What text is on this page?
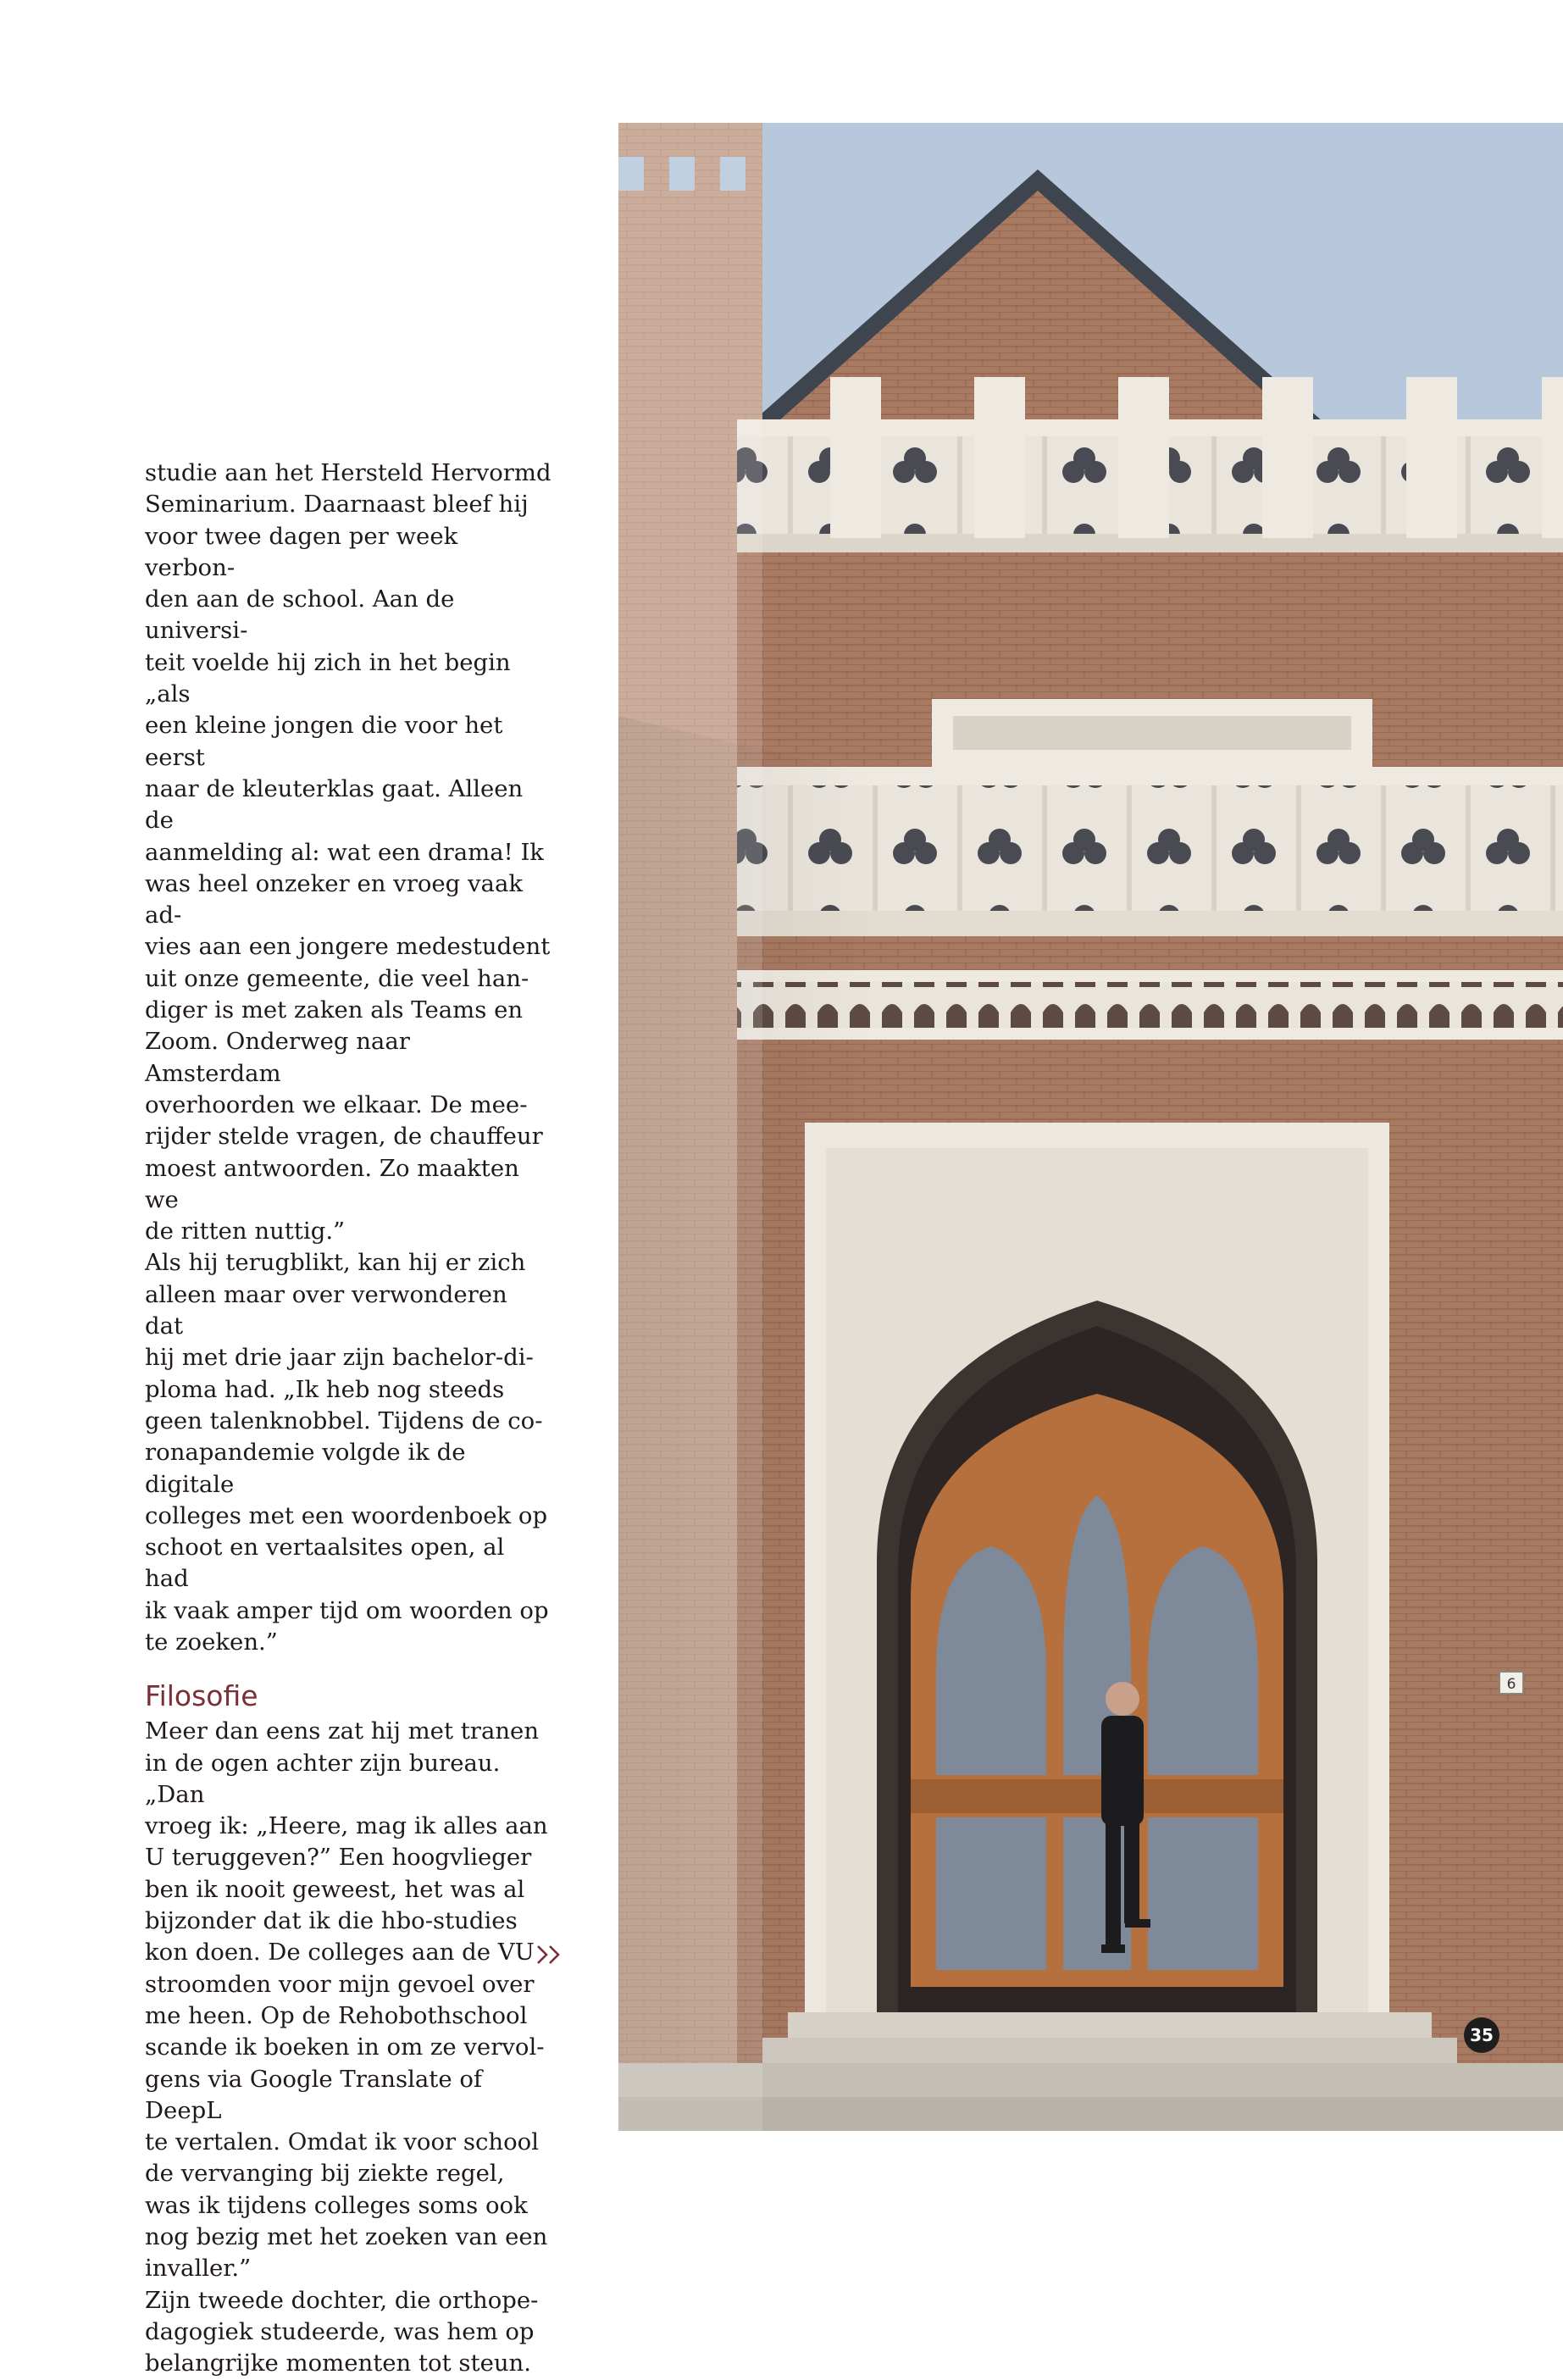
studie aan het Hersteld Hervormd
Seminarium. Daarnaast bleef hij
voor twee dagen per week verbon-
den aan de school. Aan de universi-
teit voelde hij zich in het begin „als
een kleine jongen die voor het eerst
naar de kleuterklas gaat. Alleen de
aanmelding al: wat een drama! Ik
was heel onzeker en vroeg vaak ad-
vies aan een jongere medestudent
uit onze gemeente, die veel han-
diger is met zaken als Teams en
Zoom. Onderweg naar Amsterdam
overhoorden we elkaar. De mee-
rijder stelde vragen, de chauffeur
moest antwoorden. Zo maakten we
de ritten nuttig.”

Als hij terugblikt, kan hij er zich
alleen maar over verwonderen dat
hij met drie jaar zijn bachelor-di-
ploma had. „Ik heb nog steeds
geen talenknobbel. Tijdens de co-
ronapandemie volgde ik de digitale
colleges met een woordenboek op
schoot en vertaalsites open, al had
ik vaak amper tijd om woorden op
te zoeken.”

Filosofie

Meer dan eens zat hij met tranen
in de ogen achter zijn bureau. „Dan
vroeg ik: „Heere, mag ik alles aan
U teruggeven?” Een hoogvlieger
ben ik nooit geweest, het was al
bijzonder dat ik die hbo-studies
kon doen. De colleges aan de VU
stroomden voor mijn gevoel over
me heen. Op de Rehobothschool
scande ik boeken in om ze vervol-
gens via Google Translate of DeepL
te vertalen. Omdat ik voor school
de vervanging bij ziekte regel,
was ik tijdens colleges soms ook
nog bezig met het zoeken van een
invaller.”

Zijn tweede dochter, die orthope-
dagogiek studeerde, was hem op
belangrijke momenten tot steun.

6
35
